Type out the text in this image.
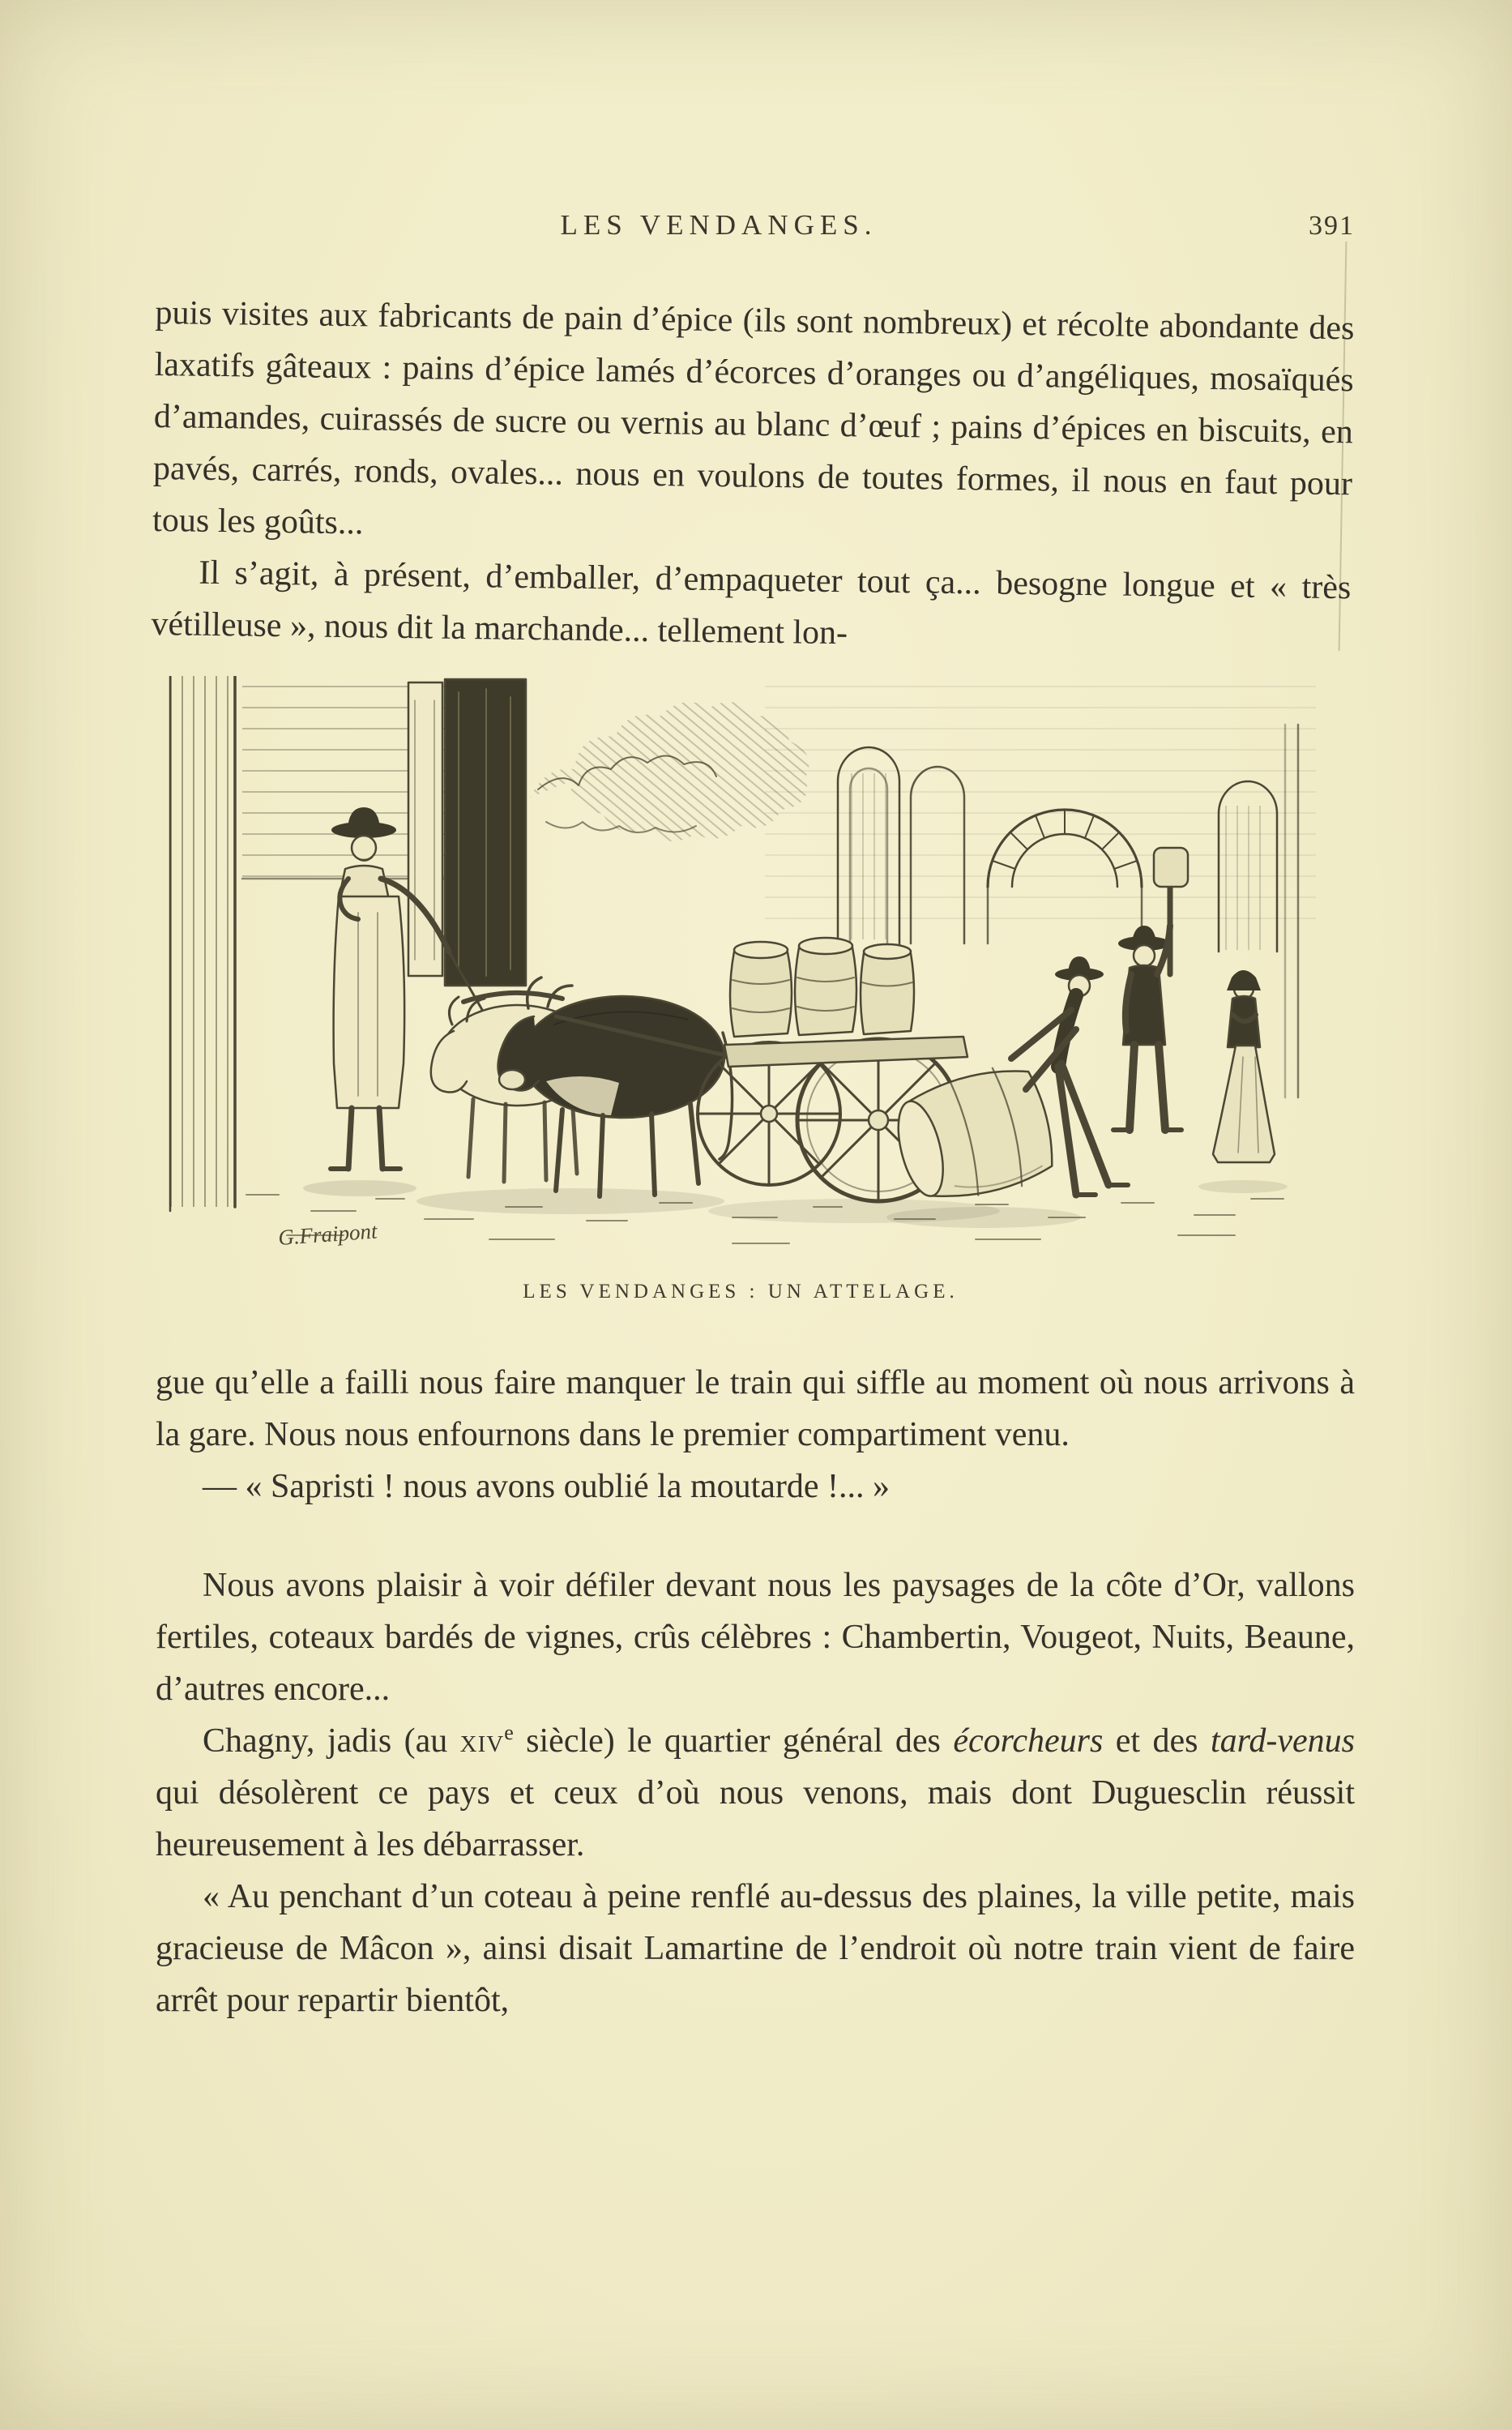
LES VENDANGES.	391

puis visites aux fabricants de pain d’épice (ils sont nombreux) et récolte abondante des laxatifs gâteaux : pains d’épice lamés d’écorces d’oranges ou d’angéliques, mosaïqués d’amandes, cuirassés de sucre ou vernis au blanc d’œuf ; pains d’épices en biscuits, en pavés, carrés, ronds, ovales... nous en voulons de toutes formes, il nous en faut pour tous les goûts...

Il s’agit, à présent, d’emballer, d’empaqueter tout ça... besogne longue et « très vétilleuse », nous dit la marchande... tellement lon-

G.Fraipont
LES VENDANGES : UN ATTELAGE.

gue qu’elle a failli nous faire manquer le train qui siffle au moment où nous arrivons à la gare. Nous nous enfournons dans le premier compartiment venu.

— « Sapristi ! nous avons oublié la moutarde !... »

Nous avons plaisir à voir défiler devant nous les paysages de la côte d’Or, vallons fertiles, coteaux bardés de vignes, crûs célèbres : Chambertin, Vougeot, Nuits, Beaune, d’autres encore...

Chagny, jadis (au xiv$^e$ siècle) le quartier général des écorcheurs et des tard-venus qui désolèrent ce pays et ceux d’où nous venons, mais dont Duguesclin réussit heureusement à les débarrasser.

« Au penchant d’un coteau à peine renflé au-dessus des plaines, la ville petite, mais gracieuse de Mâcon », ainsi disait Lamartine de l’endroit où notre train vient de faire arrêt pour repartir bientôt,
